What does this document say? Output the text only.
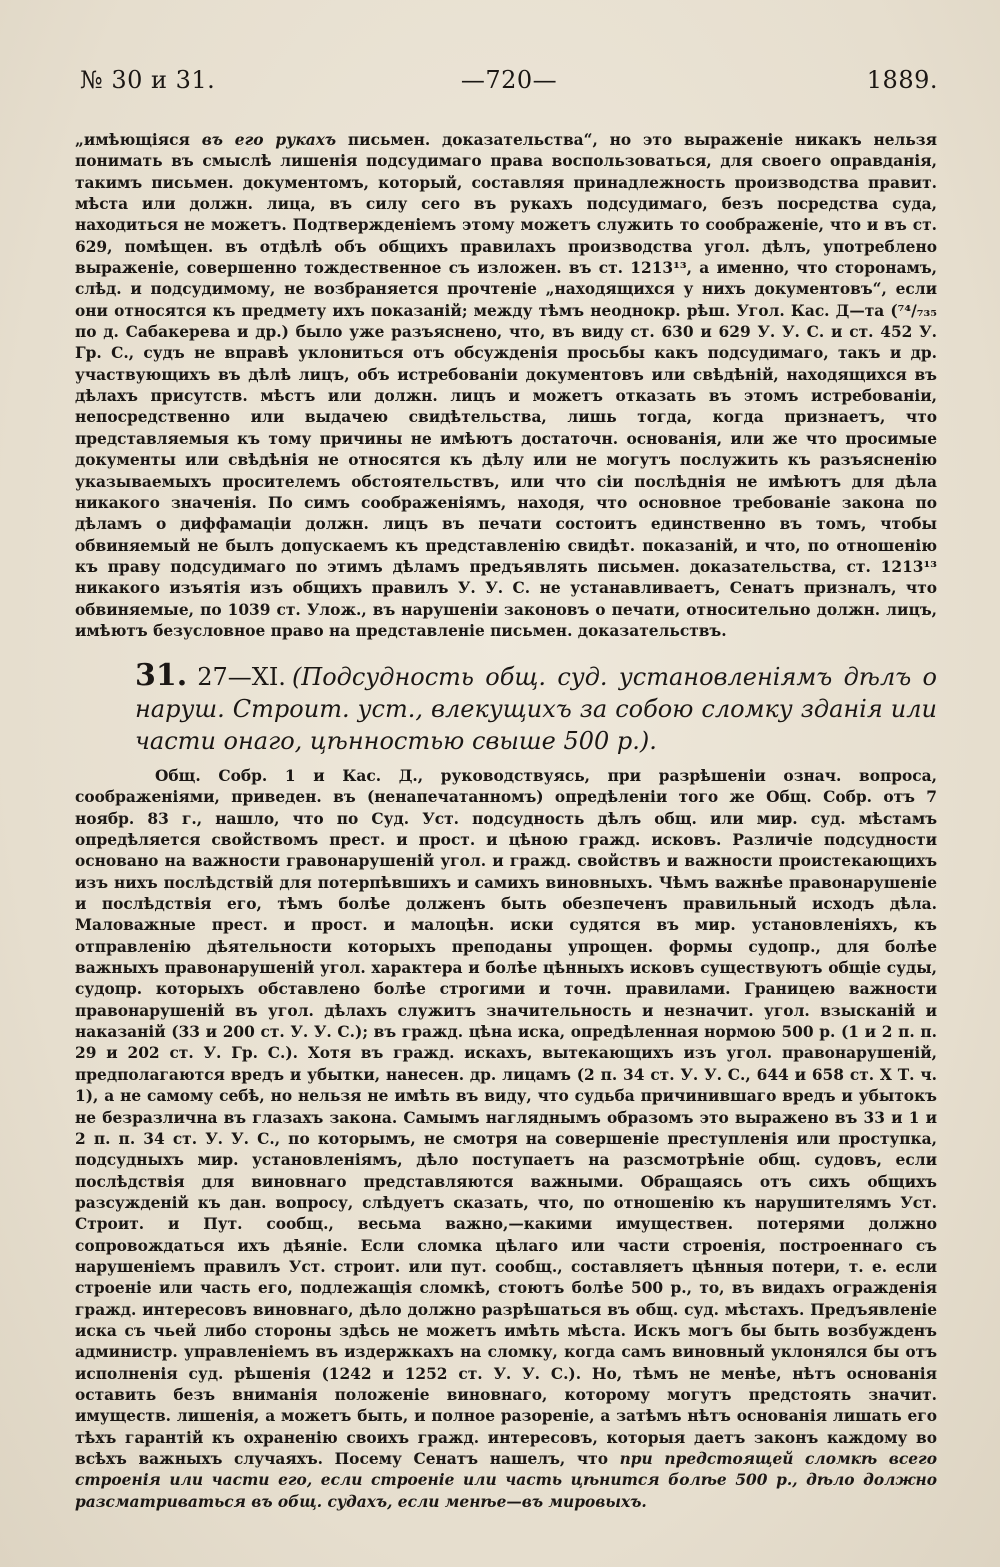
№ 30 и 31.	—720—	1889.

„имѣющіяся въ его рукахъ письмен. доказательства“, но это выраженіе никакъ нельзя понимать въ смыслѣ лишенія подсудимаго права воспользоваться, для своего оправданія, такимъ письмен. документомъ, который, составляя принадлежность производства правит. мѣста или должн. лица, въ силу сего въ рукахъ подсудимаго, безъ посредства суда, находиться не можетъ. Подтвержденіемъ этому можетъ служить то соображеніе, что и въ ст. 629, помѣщен. въ отдѣлѣ объ общихъ правилахъ производства угол. дѣлъ, употреблено выраженіе, совершенно тождественное съ изложен. въ ст. 1213¹³, а именно, что сторонамъ, слѣд. и подсудимому, не возбраняется прочтеніе „находящихся у нихъ документовъ“, если они относятся къ предмету ихъ показаній; между тѣмъ неоднокр. рѣш. Угол. Кас. Д—та (⁷⁴/₇₃₅ по д. Сабакерева и др.) было уже разъяснено, что, въ виду ст. 630 и 629 У. У. С. и ст. 452 У. Гр. С., судъ не вправѣ уклониться отъ обсужденія просьбы какъ подсудимаго, такъ и др. участвующихъ въ дѣлѣ лицъ, объ истребованіи документовъ или свѣдѣній, находящихся въ дѣлахъ присутств. мѣстъ или должн. лицъ и можетъ отказать въ этомъ истребованіи, непосредственно или выдачею свидѣтельства, лишь тогда, когда признаетъ, что представляемыя къ тому причины не имѣютъ достаточн. основанія, или же что просимые документы или свѣдѣнія не относятся къ дѣлу или не могутъ послужить къ разъясненію указываемыхъ просителемъ обстоятельствъ, или что сіи послѣднія не имѣютъ для дѣла никакого значенія. По симъ соображеніямъ, находя, что основное требованіе закона по дѣламъ о диффамаціи должн. лицъ въ печати состоитъ единственно въ томъ, чтобы обвиняемый не былъ допускаемъ къ представленію свидѣт. показаній, и что, по отношенію къ праву подсудимаго по этимъ дѣламъ предъявлять письмен. доказательства, ст. 1213¹³ никакого изъятія изъ общихъ правилъ У. У. С. не устанавливаетъ, Сенатъ призналъ, что обвиняемые, по 1039 ст. Улож., въ нарушеніи законовъ о печати, относительно должн. лицъ, имѣютъ безусловное право на представленіе письмен. доказательствъ.

31. 27—XI. (Подсудность общ. суд. установленіямъ дѣлъ о наруш. Строит. уст., влекущихъ за собою сломку зданія или части онаго, цѣнностью свыше 500 р.).

Общ. Собр. 1 и Кас. Д., руководствуясь, при разрѣшеніи означ. вопроса, соображеніями, приведен. въ (ненапечатанномъ) опредѣленіи того же Общ. Собр. отъ 7 ноябр. 83 г., нашло, что по Суд. Уст. подсудность дѣлъ общ. или мир. суд. мѣстамъ опредѣляется свойствомъ прест. и прост. и цѣною гражд. исковъ. Различіе подсудности основано на важности гравонарушеній угол. и гражд. свойствъ и важности проистекающихъ изъ нихъ послѣдствій для потерпѣвшихъ и самихъ виновныхъ. Чѣмъ важнѣе правонарушеніе и послѣдствія его, тѣмъ болѣе долженъ быть обезпеченъ правильный исходъ дѣла. Маловажные прест. и прост. и малоцѣн. иски судятся въ мир. установленіяхъ, къ отправленію дѣятельности которыхъ преподаны упрощен. формы судопр., для болѣе важныхъ правонарушеній угол. характера и болѣе цѣнныхъ исковъ существуютъ общіе суды, судопр. которыхъ обставлено болѣе строгими и точн. правилами. Границею важности правонарушеній въ угол. дѣлахъ служитъ значительность и незначит. угол. взысканій и наказаній (33 и 200 ст. У. У. С.); въ гражд. цѣна иска, опредѣленная нормою 500 р. (1 и 2 п. п. 29 и 202 ст. У. Гр. С.). Хотя въ гражд. искахъ, вытекающихъ изъ угол. правонарушеній, предполагаются вредъ и убытки, нанесен. др. лицамъ (2 п. 34 ст. У. У. С., 644 и 658 ст. X Т. ч. 1), а не самому себѣ, но нельзя не имѣть въ виду, что судьба причинившаго вредъ и убытокъ не безразлична въ глазахъ закона. Самымъ нагляднымъ образомъ это выражено въ 33 и 1 и 2 п. п. 34 ст. У. У. С., по которымъ, не смотря на совершеніе преступленія или проступка, подсудныхъ мир. установленіямъ, дѣло поступаетъ на разсмотрѣніе общ. судовъ, если послѣдствія для виновнаго представляются важными. Обращаясь отъ сихъ общихъ разсужденій къ дан. вопросу, слѣдуетъ сказать, что, по отношенію къ нарушителямъ Уст. Строит. и Пут. сообщ., весьма важно,—какими имуществен. потерями должно сопровождаться ихъ дѣяніе. Если сломка цѣлаго или части строенія, построеннаго съ нарушеніемъ правилъ Уст. строит. или пут. сообщ., составляетъ цѣнныя потери, т. е. если строеніе или часть его, подлежащія сломкѣ, стоютъ болѣе 500 р., то, въ видахъ огражденія гражд. интересовъ виновнаго, дѣло должно разрѣшаться въ общ. суд. мѣстахъ. Предъявленіе иска съ чьей либо стороны здѣсь не можетъ имѣть мѣста. Искъ могъ бы быть возбужденъ администр. управленіемъ въ издержкахъ на сломку, когда самъ виновный уклонялся бы отъ исполненія суд. рѣшенія (1242 и 1252 ст. У. У. С.). Но, тѣмъ не менѣе, нѣтъ основанія оставить безъ вниманія положеніе виновнаго, которому могутъ предстоять значит. имуществ. лишенія, а можетъ быть, и полное разореніе, а затѣмъ нѣтъ основанія лишать его тѣхъ гарантій къ охраненію своихъ гражд. интересовъ, которыя даетъ законъ каждому во всѣхъ важныхъ случаяхъ. Посему Сенатъ нашелъ, что при предстоящей сломкѣ всего строенія или части его, если строеніе или часть цѣнится болѣе 500 р., дѣло должно разсматриваться въ общ. судахъ, если менѣе—въ мировыхъ.
